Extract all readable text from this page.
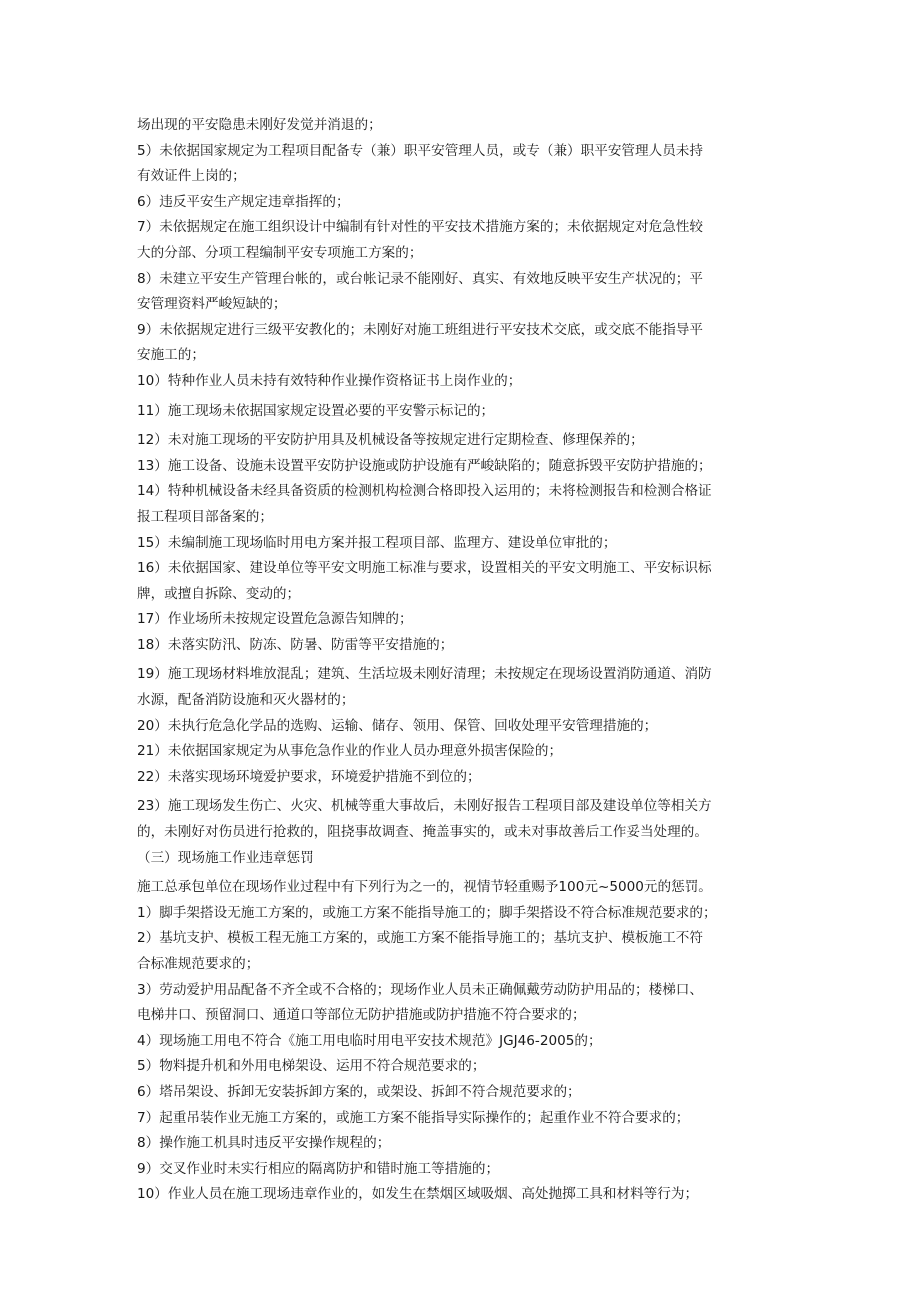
场出现的平安隐患未刚好发觉并消退的；

5）未依据国家规定为工程项目配备专（兼）职平安管理人员，或专（兼）职平安管理人员未持

有效证件上岗的；

6）违反平安生产规定违章指挥的；

7）未依据规定在施工组织设计中编制有针对性的平安技术措施方案的；未依据规定对危急性较

大的分部、分项工程编制平安专项施工方案的；

8）未建立平安生产管理台帐的，或台帐记录不能刚好、真实、有效地反映平安生产状况的；平

安管理资料严峻短缺的；

9）未依据规定进行三级平安教化的；未刚好对施工班组进行平安技术交底，或交底不能指导平

安施工的；

10）特种作业人员未持有效特种作业操作资格证书上岗作业的；

11）施工现场未依据国家规定设置必要的平安警示标记的；

12）未对施工现场的平安防护用具及机械设备等按规定进行定期检查、修理保养的；

13）施工设备、设施未设置平安防护设施或防护设施有严峻缺陷的；随意拆毁平安防护措施的；

14）特种机械设备未经具备资质的检测机构检测合格即投入运用的；未将检测报告和检测合格证

报工程项目部备案的；

15）未编制施工现场临时用电方案并报工程项目部、监理方、建设单位审批的；

16）未依据国家、建设单位等平安文明施工标准与要求，设置相关的平安文明施工、平安标识标

牌，或擅自拆除、变动的；

17）作业场所未按规定设置危急源告知牌的；

18）未落实防汛、防冻、防暑、防雷等平安措施的；

19）施工现场材料堆放混乱；建筑、生活垃圾未刚好清理；未按规定在现场设置消防通道、消防

水源，配备消防设施和灭火器材的；

20）未执行危急化学品的选购、运输、储存、领用、保管、回收处理平安管理措施的；

21）未依据国家规定为从事危急作业的作业人员办理意外损害保险的；

22）未落实现场环境爱护要求，环境爱护措施不到位的；

23）施工现场发生伤亡、火灾、机械等重大事故后，未刚好报告工程项目部及建设单位等相关方

的，未刚好对伤员进行抢救的，阻挠事故调查、掩盖事实的，或未对事故善后工作妥当处理的。

（三）现场施工作业违章惩罚

施工总承包单位在现场作业过程中有下列行为之一的，视情节轻重赐予100元~5000元的惩罚。

1）脚手架搭设无施工方案的，或施工方案不能指导施工的；脚手架搭设不符合标准规范要求的；

2）基坑支护、模板工程无施工方案的，或施工方案不能指导施工的；基坑支护、模板施工不符

合标准规范要求的；

3）劳动爱护用品配备不齐全或不合格的；现场作业人员未正确佩戴劳动防护用品的；楼梯口、

电梯井口、预留洞口、通道口等部位无防护措施或防护措施不符合要求的；

4）现场施工用电不符合《施工用电临时用电平安技术规范》JGJ46-2005的；

5）物料提升机和外用电梯架设、运用不符合规范要求的；

6）塔吊架设、拆卸无安装拆卸方案的，或架设、拆卸不符合规范要求的；

7）起重吊装作业无施工方案的，或施工方案不能指导实际操作的；起重作业不符合要求的；

8）操作施工机具时违反平安操作规程的；

9）交叉作业时未实行相应的隔离防护和错时施工等措施的；

10）作业人员在施工现场违章作业的，如发生在禁烟区域吸烟、高处抛掷工具和材料等行为；
